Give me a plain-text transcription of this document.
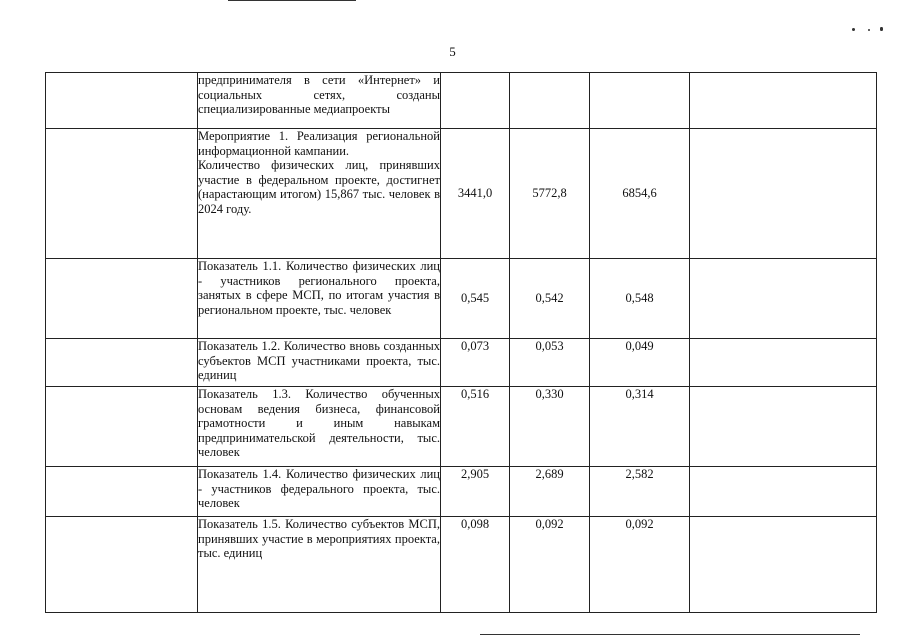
5
	предпринимателя в сети «Интернет» и социальных сетях, созданы специализированные медиапроекты				

	Мероприятие 1. Реализация региональной информационной кампании.
Количество физических лиц, принявших участие в федеральном проекте, достигнет (нарастающим итогом) 15,867 тыс. человек в 2024 году.	3441,0	5772,8	6854,6	
	Показатель 1.1. Количество физических лиц - участников регионального проекта, занятых в сфере МСП, по итогам участия в региональном проекте, тыс. человек	0,545	0,542	0,548	
	Показатель 1.2. Количество вновь созданных субъектов МСП участниками проекта, тыс. единиц	0,073	0,053	0,049	
	Показатель 1.3. Количество обученных основам ведения бизнеса, финансовой грамотности и иным навыкам предпринимательской деятельности, тыс. человек	0,516	0,330	0,314	
	Показатель 1.4. Количество физических лиц - участников федерального проекта, тыс. человек	2,905	2,689	2,582	
	Показатель 1.5. Количество субъектов МСП, принявших участие в мероприятиях проекта, тыс. единиц	0,098	0,092	0,092	
